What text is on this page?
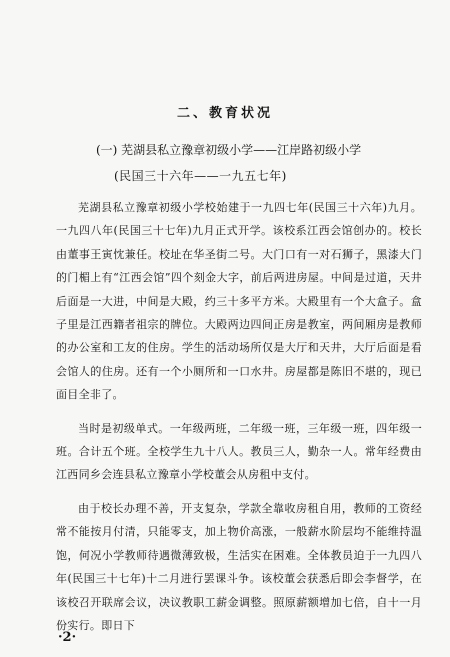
二、教育状况
(一) 芜湖县私立豫章初级小学——江岸路初级小学
(民国三十六年——一九五七年)

芜湖县私立豫章初级小学校始建于一九四七年(民国三十六年)九月。一九四八年(民国三十七年)九月正式开学。该校系江西会馆创办的。校长由董事王寅忱兼任。校址在华圣街二号。大门口有一对石狮子，黑漆大门的门楣上有“江西会馆”四个刻金大字，前后两进房屋。中间是过道，天井后面是一大进，中间是大殿，约三十多平方米。大殿里有一个大盒子。盒子里是江西籍者祖宗的牌位。大殿两边四间正房是教室，两间厢房是教师的办公室和工友的住房。学生的活动场所仅是大厅和天井，大厅后面是看会馆人的住房。还有一个小厕所和一口水井。房屋都是陈旧不堪的，现已面目全非了。

当时是初级单式。一年级两班，二年级一班，三年级一班，四年级一班。合计五个班。全校学生九十八人。教员三人，勤杂一人。常年经费由江西同乡会连县私立豫章小学校董会从房租中支付。

由于校长办理不善，开支复杂，学款全靠收房租自用，教师的工资经常不能按月付清，只能零支，加上物价高涨，一般薪水阶层均不能维持温饱，何况小学教师待遇微薄致极，生活实在困难。全体教员迫于一九四八年(民国三十七年)十二月进行罢课斗争。该校董会获悉后即会李督学，在该校召开联席会议，决议教职工薪金调整。照原薪额增加七倍，自十一月份实行。即日下

·2·
